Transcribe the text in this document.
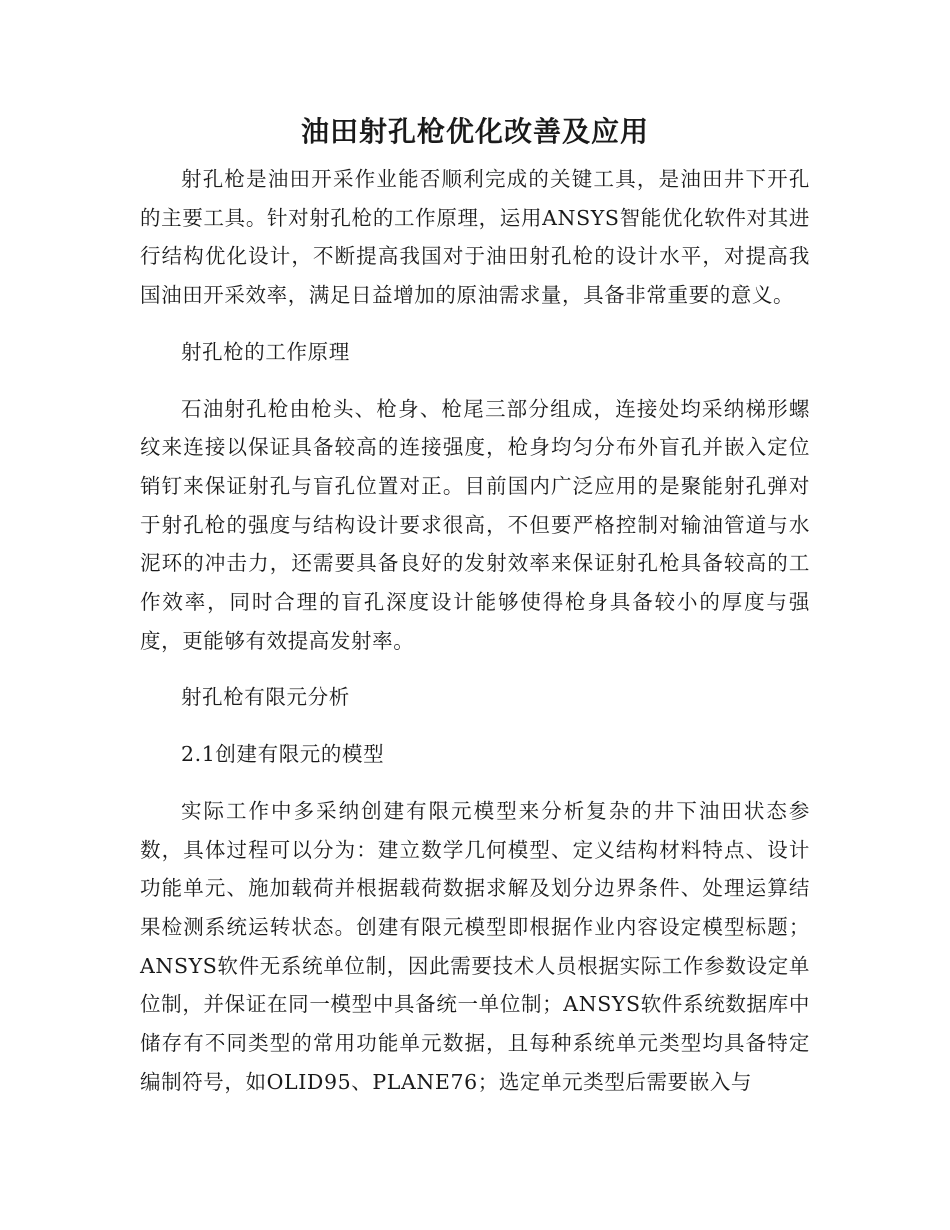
油田射孔枪优化改善及应用

射孔枪是油田开采作业能否顺利完成的关键工具，是油田井下开孔的主要工具。针对射孔枪的工作原理，运用ANSYS智能优化软件对其进行结构优化设计，不断提高我国对于油田射孔枪的设计水平，对提高我国油田开采效率，满足日益增加的原油需求量，具备非常重要的意义。

射孔枪的工作原理

石油射孔枪由枪头、枪身、枪尾三部分组成，连接处均采纳梯形螺纹来连接以保证具备较高的连接强度，枪身均匀分布外盲孔并嵌入定位销钉来保证射孔与盲孔位置对正。目前国内广泛应用的是聚能射孔弹对于射孔枪的强度与结构设计要求很高，不但要严格控制对输油管道与水泥环的冲击力，还需要具备良好的发射效率来保证射孔枪具备较高的工作效率，同时合理的盲孔深度设计能够使得枪身具备较小的厚度与强度，更能够有效提高发射率。

射孔枪有限元分析

2.1创建有限元的模型

实际工作中多采纳创建有限元模型来分析复杂的井下油田状态参数，具体过程可以分为：建立数学几何模型、定义结构材料特点、设计功能单元、施加载荷并根据载荷数据求解及划分边界条件、处理运算结果检测系统运转状态。创建有限元模型即根据作业内容设定模型标题；ANSYS软件无系统单位制，因此需要技术人员根据实际工作参数设定单位制，并保证在同一模型中具备统一单位制；ANSYS软件系统数据库中储存有不同类型的常用功能单元数据，且每种系统单元类型均具备特定编制符号，如OLID95、PLANE76；选定单元类型后需要嵌入与
